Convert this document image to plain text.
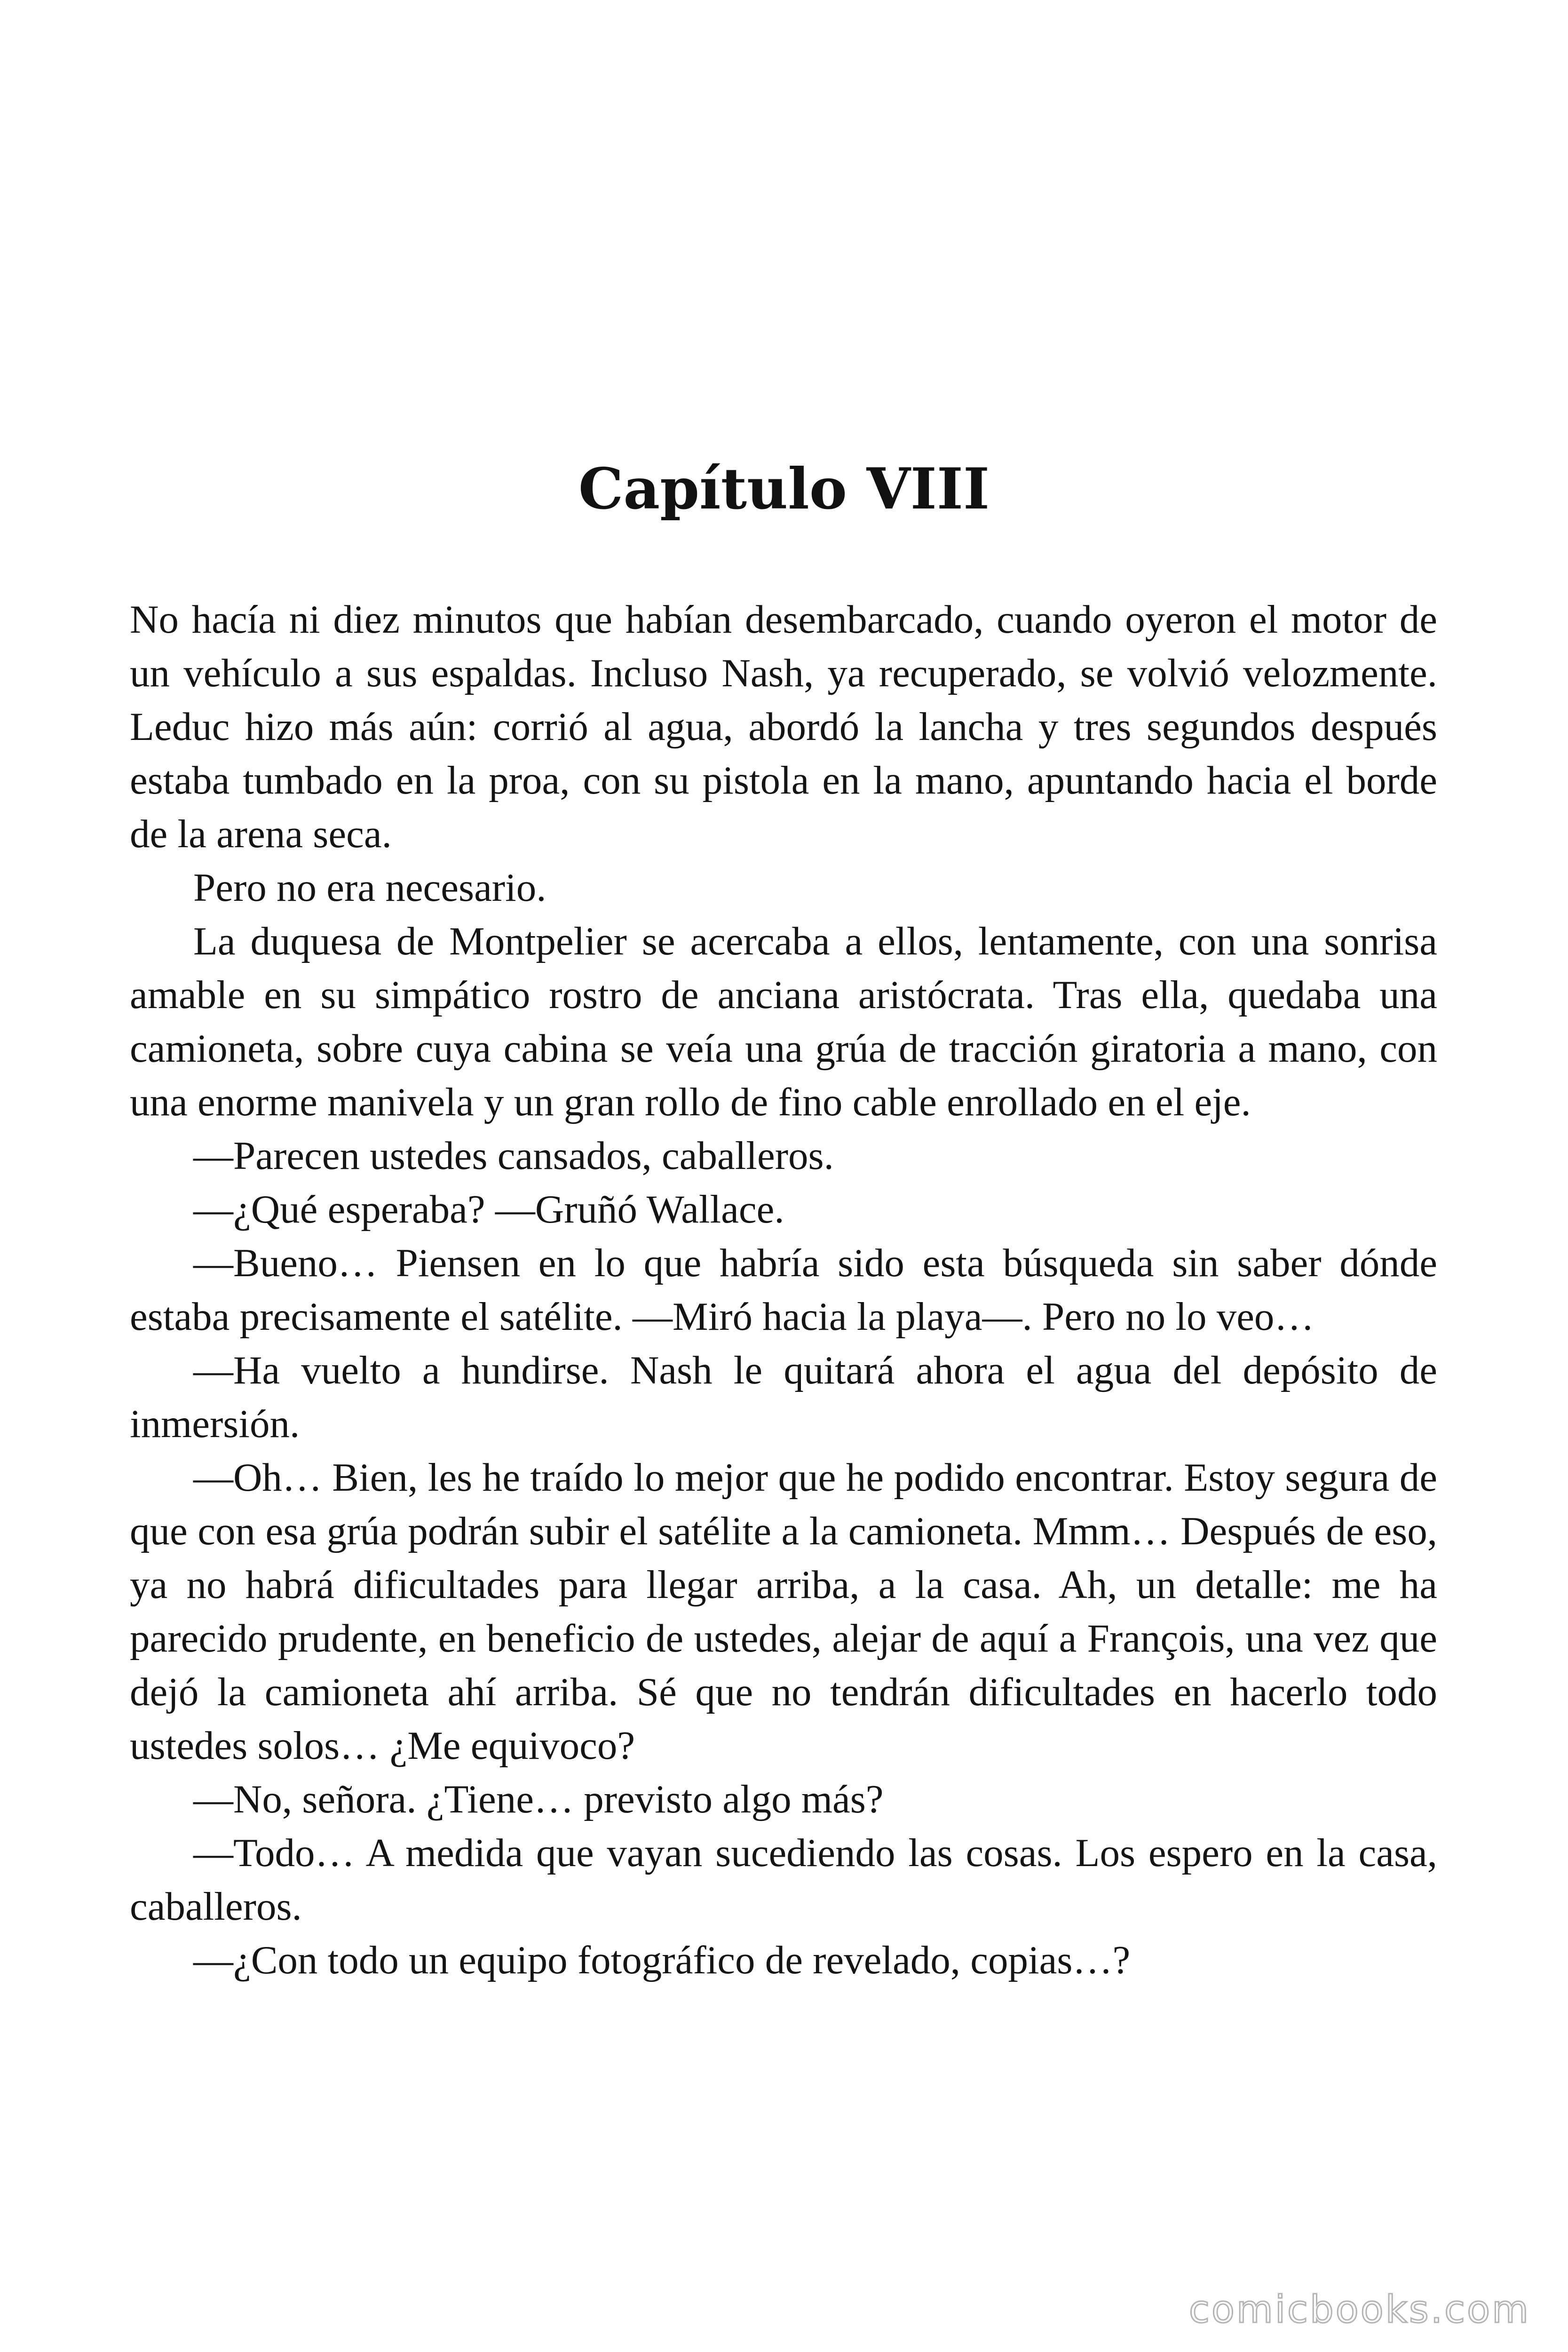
Capítulo VIII

No hacía ni diez minutos que habían desembarcado, cuando oyeron el motor de un vehículo a sus espaldas. Incluso Nash, ya recuperado, se volvió velozmente. Leduc hizo más aún: corrió al agua, abordó la lancha y tres segundos después estaba tumbado en la proa, con su pistola en la mano, apuntando hacia el borde de la arena seca.

Pero no era necesario.

La duquesa de Montpelier se acercaba a ellos, lentamente, con una sonrisa amable en su simpático rostro de anciana aristócrata. Tras ella, quedaba una camioneta, sobre cuya cabina se veía una grúa de tracción giratoria a mano, con una enorme manivela y un gran rollo de fino cable enrollado en el eje.

—Parecen ustedes cansados, caballeros.

—¿Qué esperaba? —Gruñó Wallace.

—Bueno… Piensen en lo que habría sido esta búsqueda sin saber dónde estaba precisamente el satélite. —Miró hacia la playa—. Pero no lo veo…

—Ha vuelto a hundirse. Nash le quitará ahora el agua del depósito de inmersión.

—Oh… Bien, les he traído lo mejor que he podido encontrar. Estoy segura de que con esa grúa podrán subir el satélite a la camioneta. Mmm… Después de eso, ya no habrá dificultades para llegar arriba, a la casa. Ah, un detalle: me ha parecido prudente, en beneficio de ustedes, alejar de aquí a François, una vez que dejó la camioneta ahí arriba. Sé que no tendrán dificultades en hacerlo todo ustedes solos… ¿Me equivoco?

—No, señora. ¿Tiene… previsto algo más?

—Todo… A medida que vayan sucediendo las cosas. Los espero en la casa, caballeros.

—¿Con todo un equipo fotográfico de revelado, copias…?

comicbooks.com
